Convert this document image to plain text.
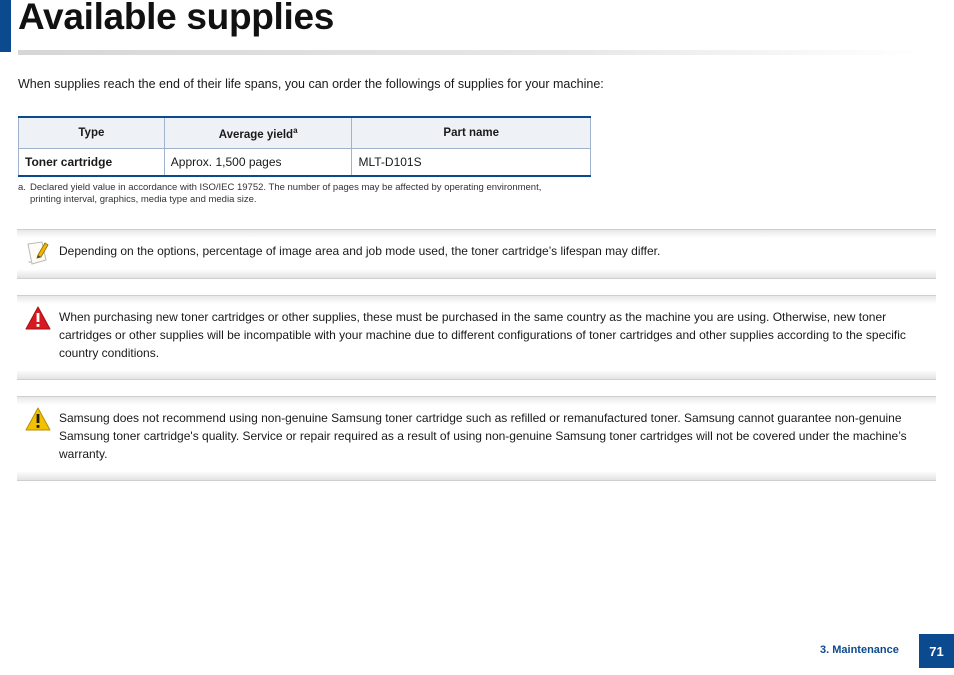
Available supplies

When supplies reach the end of their life spans, you can order the followings of supplies for your machine:

Type	Average yield$^a$	Part name
Toner cartridge	Approx. 1,500 pages	MLT-D101S
a. Declared yield value in accordance with ISO/IEC 19752. The number of pages may be affected by operating environment,
printing interval, graphics, media type and media size.

Depending on the options, percentage of image area and job mode used, the toner cartridge’s lifespan may differ.

When purchasing new toner cartridges or other supplies, these must be purchased in the same country as the machine you are using. Otherwise, new toner cartridges or other supplies will be incompatible with your machine due to different configurations of toner cartridges and other supplies according to the specific country conditions.

Samsung does not recommend using non-genuine Samsung toner cartridge such as refilled or remanufactured toner. Samsung cannot guarantee non-genuine Samsung toner cartridge's quality. Service or repair required as a result of using non-genuine Samsung toner cartridges will not be covered under the machine’s warranty.

3. Maintenance	71
